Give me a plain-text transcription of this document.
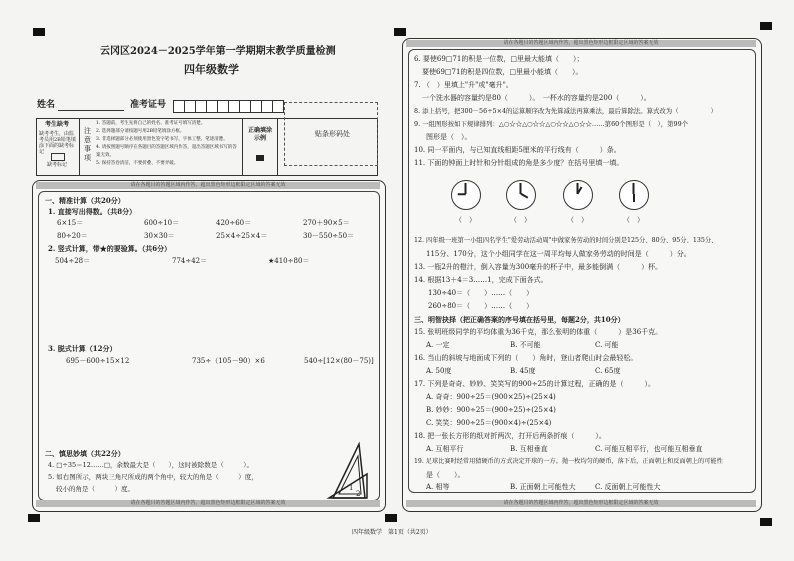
云冈区2024－2025学年第一学期期末教学质量检测
四年级数学
姓名	准考证号
考生缺考
缺考考生，由监考员用2B铅笔填涂下面的缺考标记
缺考标记
注意事项
1. 答题前，考生先将自己的姓名、准考证号填写清楚。
2. 选择题部分请按题号用2B铅笔填涂方框。
3. 非选择题部分必须使用黑色签字笔书写，字体工整、笔迹清楚。
4. 请按照题号顺序在各题目的答题区域内作答，超出答题区域书写的答案无效。
5. 保持答卷清洁，不要折叠、不要弄破。
正确填涂示例
贴条形码处
请在各题目的答题区域内作答，超出黑色矩形边框限定区域的答案无效
一、精准计算（共20分）
1. 直接写出得数。（共8分）
6×15＝	600÷10＝	420÷60＝	270＋90×5＝
80÷20＝	30×30＝	25×4÷25×4＝	30－550÷50＝
2. 竖式计算，带★的要验算。（共6分）
504÷28＝	774÷42＝	★410÷80＝
3. 脱式计算（12分）
695－600÷15×12	735÷（105－90）×6	540÷[12×(80－75)]
二、慎思妙填（共22分）
4. □÷35＝12……□，余数最大是（　　），这时被除数是（　　　）。
5. 如右图所示，两块三角尺所成的两个角中，较大的角是（　　　）度，
较小的角是（　　　）度。	1
2
请在各题目的答题区域内作答，超出黑色矩形边框限定区域的答案无效
请在各题目的答题区域内作答，超出黑色矩形边框限定区域的答案无效
6. 要使69□71的积是一位数，□里最大能填（　　）；
要使69□71的积是四位数，□里最小能填（　　）。
7. （　）里填上"升"或"毫升"。
一个洗水器的容量约是80（　　　）。　一杯水的容量约是200（　　　）。
8. 添上括号，把300－56÷5×4的运算顺序改为先算减法再算乘法，最后算除法。算式改为（　　　　　）
9. 一组图形按如下规律排列：△○☆☆△○☆☆△○☆☆△○☆☆……第60个图形是（　），第99个
图形是（　）。
10. 同一平面内，与已知直线相距5厘米的平行线有（　　　）条。
11. 下面的钟面上时针和分针组成的角是多少度？在括号里填一填。
（　）	（　）	（　）	（　）
12. 四年级一班第一小组四名学生"爱劳动活动周"中做家务劳动的时间分别是125分、80分、95分、135分、
115分、170分，这个小组同学在这一周平均每人做家务劳动的时间是（　　　）分。
13. 一瓶2升的橙汁，倒入容量为300毫升的杯子中，最多能倒满（　　　）杯。
14. 根据13＋4＝3……1，完成下面各式。
130÷40＝（　　）……（　　）
260÷80＝（　　）……（　　）
三、明智抉择（把正确答案的序号填在括号里，每题2分，共10分）
15. 张明班级同学的平均体重为36千克，那么张明的体重（　　　）是36千克。
A. 一定	B. 不可能	C. 可能
16. 当山的斜坡与地面成下列的（　　）角时，登山者爬山时会最轻松。
A. 50度	B. 45度	C. 65度
17. 下列是奇奇、妙妙、笑笑写的900÷25的计算过程，正确的是（　　　）。
A. 奇奇：900÷25＝(900×25)÷(25×4)
B. 妙妙：900÷25＝(900÷25)÷(25×4)
C. 笑笑：900÷25＝(900×4)÷(25×4)
18. 把一张长方形的纸对折两次，打开后两条折痕（　　　）。
A. 互相平行	B. 互相垂直	C. 可能互相平行，也可能互相垂直
19. 足球比赛时经常用猜硬币的方式决定开球的一方。抛一枚均匀的硬币，落下后，正面朝上和反面朝上的可能性
是（　　）。
A. 相等	B. 正面朝上可能性大	C. 反面朝上可能性大
请在各题目的答题区域内作答，超出黑色矩形边框限定区域的答案无效
四年级数学　第1页（共2页）
